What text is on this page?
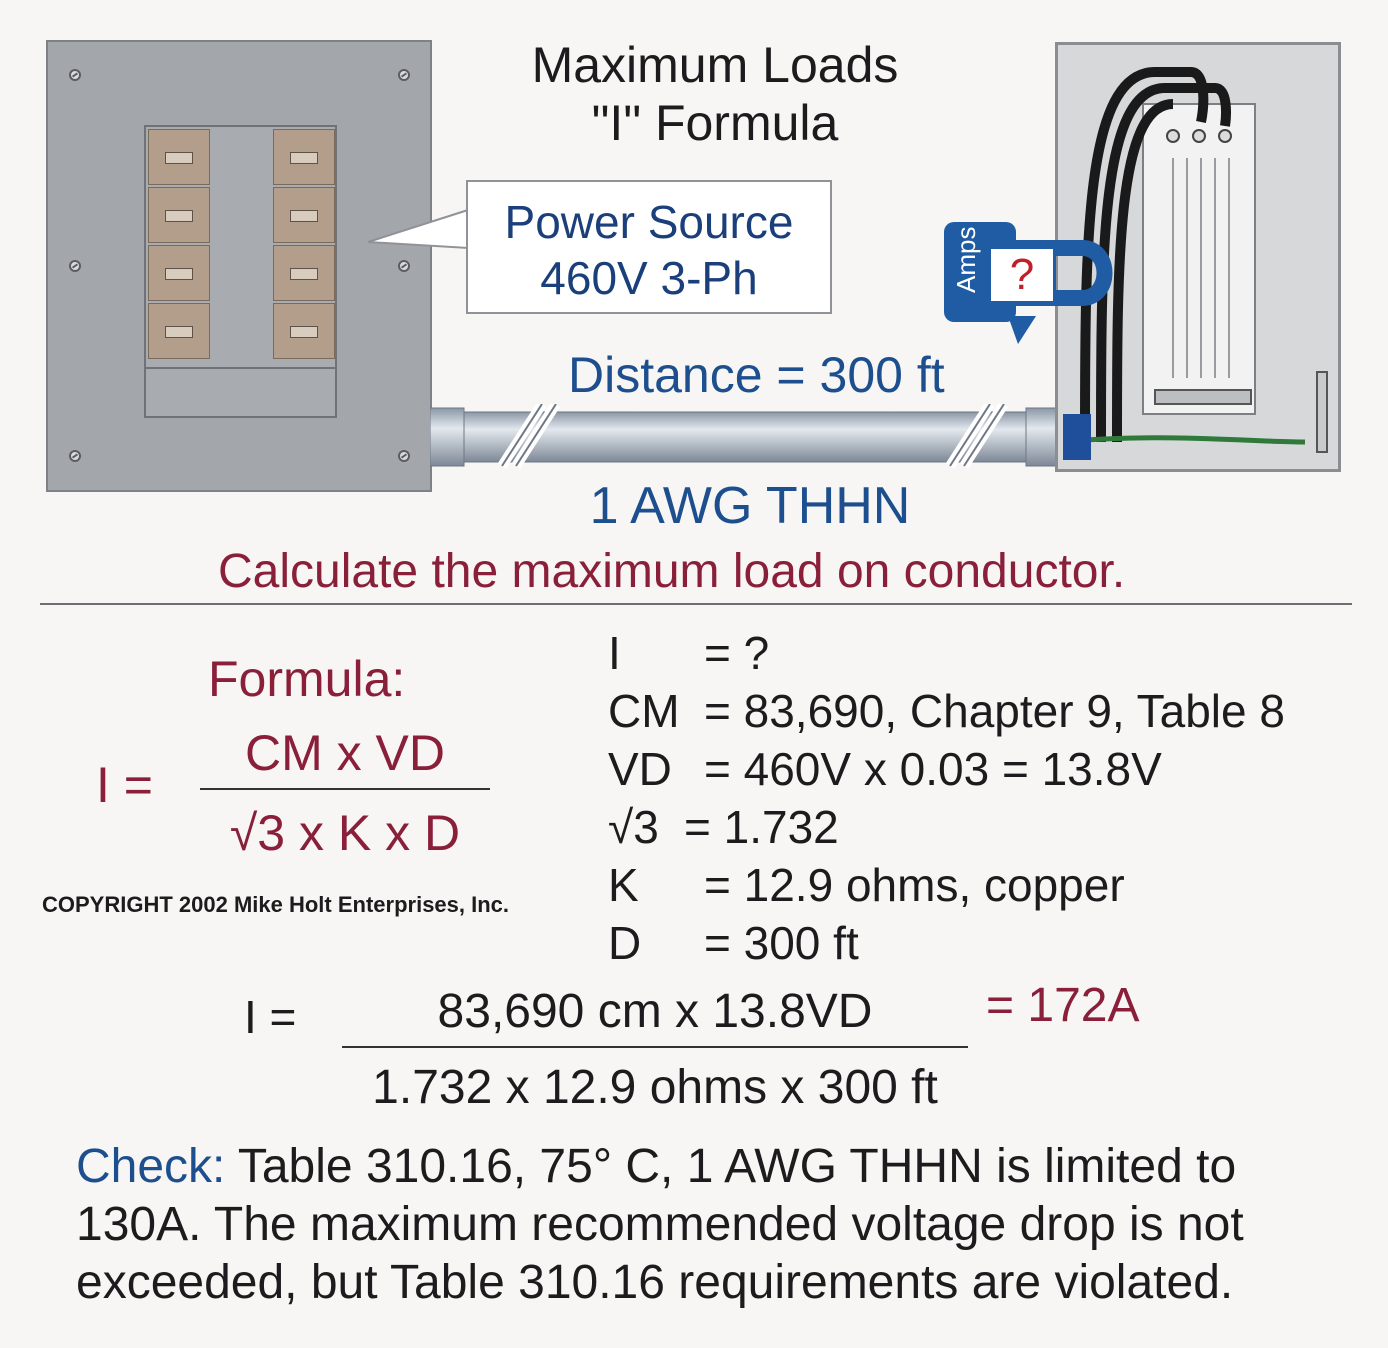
Maximum Loads
"I" Formula
Power Source
460V 3-Ph	Amps ?
Distance = 300 ft
1 AWG THHN
Calculate the maximum load on conductor.
Formula:
I =
CM x VD
√3 x K x D
COPYRIGHT 2002 Mike Holt Enterprises, Inc.
I = ?
CM = 83,690, Chapter 9, Table 8
VD = 460V x 0.03 = 13.8V
√3 = 1.732
K = 12.9 ohms, copper
D = 300 ft
I =	83,690 cm x 13.8VD
1.732 x 12.9 ohms x 300 ft
= 172A
Check: Table 310.16, 75° C, 1 AWG THHN is limited to
130A. The maximum recommended voltage drop is not
exceeded, but Table 310.16 requirements are violated.
